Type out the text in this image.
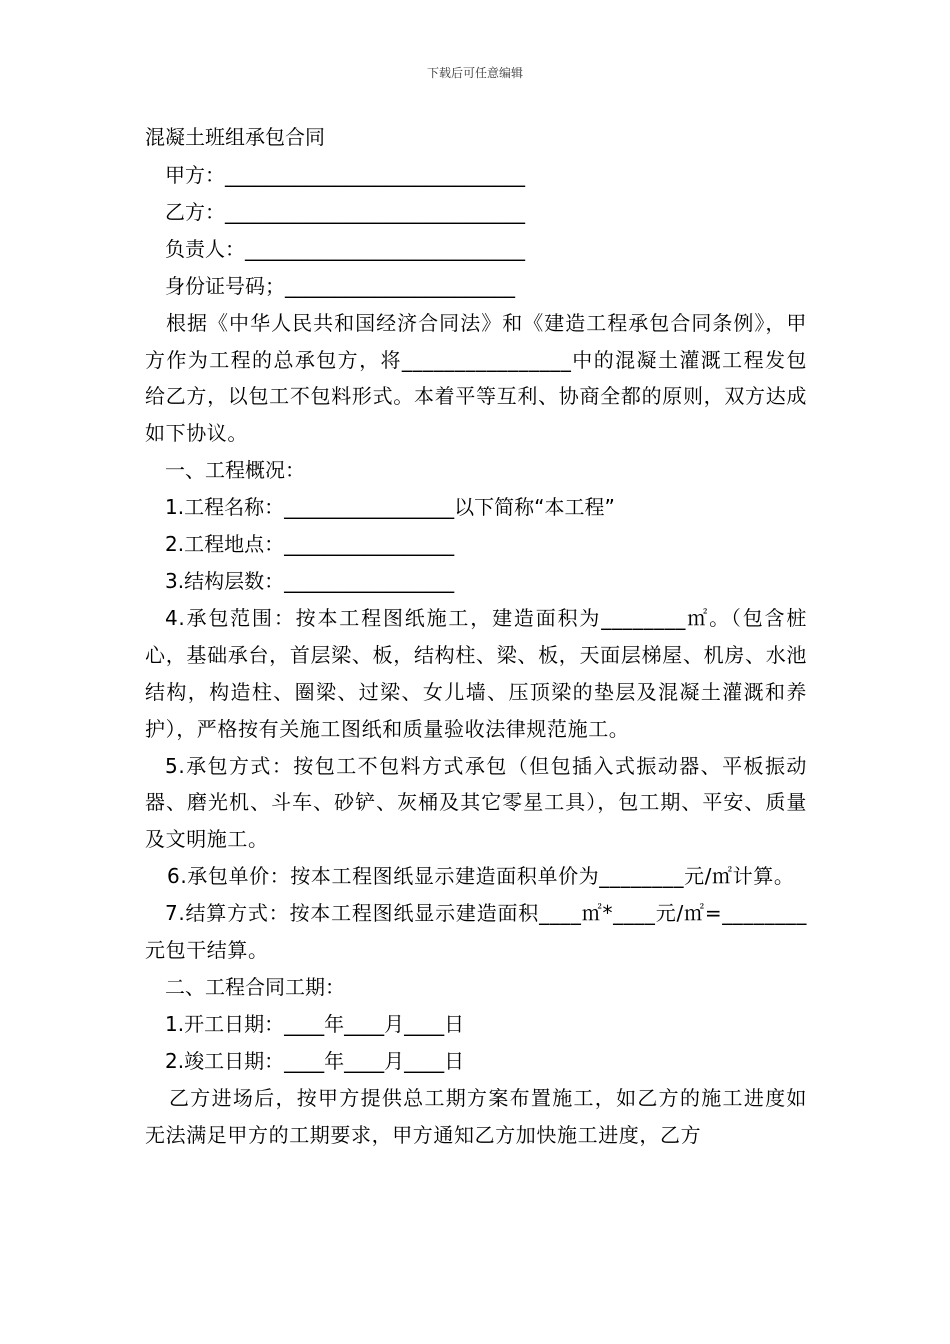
下载后可任意编辑
混凝土班组承包合同
甲方：______________________________
乙方：______________________________
负责人：____________________________
身份证号码；_______________________
 根据《中华人民共和国经济合同法》和《建造工程承包合同条例》，甲方作为工程的总承包方，将________________中的混凝土灌溉工程发包给乙方，以包工不包料形式。本着平等互利、协商全都的原则，双方达成如下协议。
一、工程概况：
1.工程名称：_________________以下简称“本工程”
2.工程地点：_________________
3.结构层数：_________________
4.承包范围：按本工程图纸施工，建造面积为________㎡。（包含桩心，基础承台，首层梁、板，结构柱、梁、板，天面层梯屋、机房、水池结构，构造柱、圈梁、过梁、女儿墙、压顶梁的垫层及混凝土灌溉和养护），严格按有关施工图纸和质量验收法律规范施工。
5.承包方式：按包工不包料方式承包（但包插入式振动器、平板振动器、磨光机、斗车、砂铲、灰桶及其它零星工具），包工期、平安、质量及文明施工。
6.承包单价：按本工程图纸显示建造面积单价为________元/㎡计算。
7.结算方式：按本工程图纸显示建造面积____㎡*____元/㎡=________元包干结算。
二、工程合同工期：
1.开工日期：____年____月____日
2.竣工日期：____年____月____日
乙方进场后，按甲方提供总工期方案布置施工，如乙方的施工进度如无法满足甲方的工期要求，甲方通知乙方加快施工进度，乙方
